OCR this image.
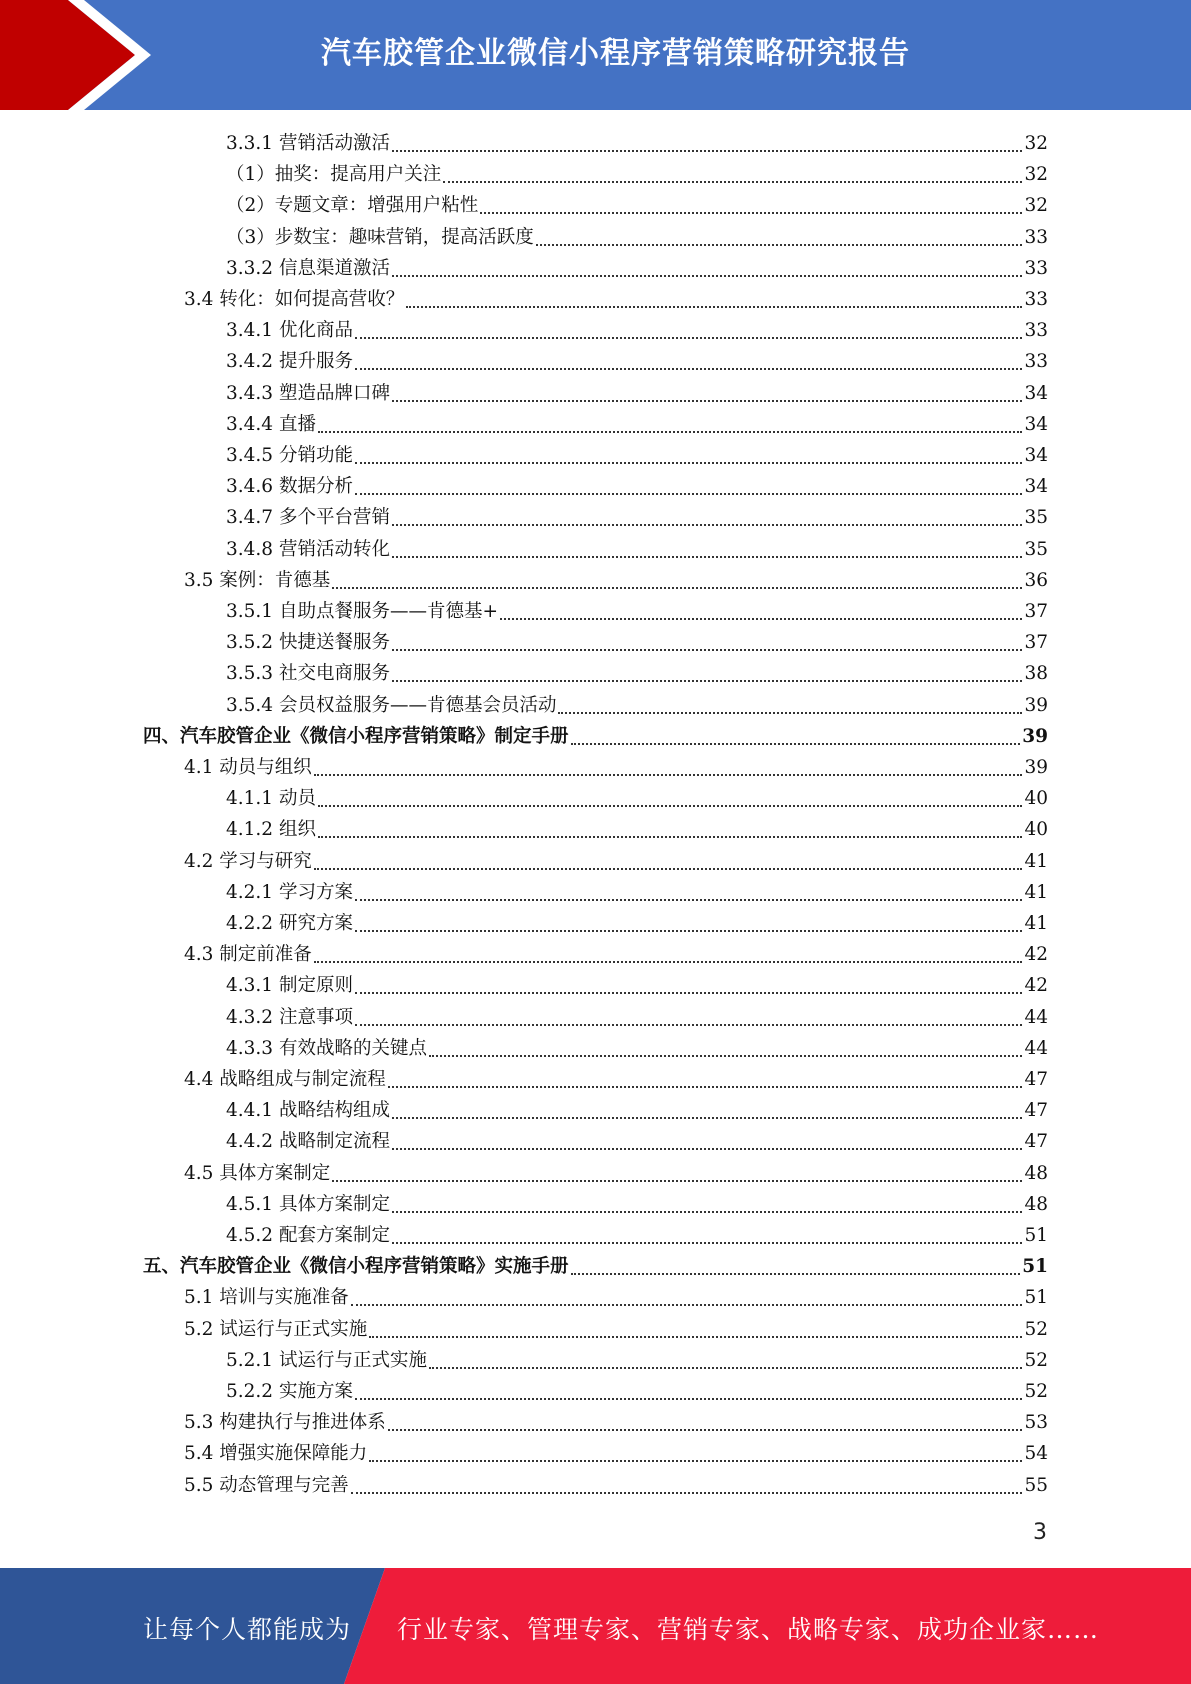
汽车胶管企业微信小程序营销策略研究报告
3.3.1 营销活动激活	32
（1）抽奖：提高用户关注	32
（2）专题文章：增强用户粘性	32
（3）步数宝：趣味营销，提高活跃度	33
3.3.2 信息渠道激活	33
3.4 转化：如何提高营收？	33
3.4.1 优化商品	33
3.4.2 提升服务	33
3.4.3 塑造品牌口碑	34
3.4.4 直播	34
3.4.5 分销功能	34
3.4.6 数据分析	34
3.4.7 多个平台营销	35
3.4.8 营销活动转化	35
3.5 案例：肯德基	36
3.5.1 自助点餐服务——肯德基+	37
3.5.2 快捷送餐服务	37
3.5.3 社交电商服务	38
3.5.4 会员权益服务——肯德基会员活动	39
四、汽车胶管企业《微信小程序营销策略》制定手册	39
4.1 动员与组织	39
4.1.1 动员	40
4.1.2 组织	40
4.2 学习与研究	41
4.2.1 学习方案	41
4.2.2 研究方案	41
4.3 制定前准备	42
4.3.1 制定原则	42
4.3.2 注意事项	44
4.3.3 有效战略的关键点	44
4.4 战略组成与制定流程	47
4.4.1 战略结构组成	47
4.4.2 战略制定流程	47
4.5 具体方案制定	48
4.5.1 具体方案制定	48
4.5.2 配套方案制定	51
五、汽车胶管企业《微信小程序营销策略》实施手册	51
5.1 培训与实施准备	51
5.2 试运行与正式实施	52
5.2.1 试运行与正式实施	52
5.2.2 实施方案	52
5.3 构建执行与推进体系	53
5.4 增强实施保障能力	54
5.5 动态管理与完善	55
3
让每个人都能成为 行业专家、管理专家、营销专家、战略专家、成功企业家……
